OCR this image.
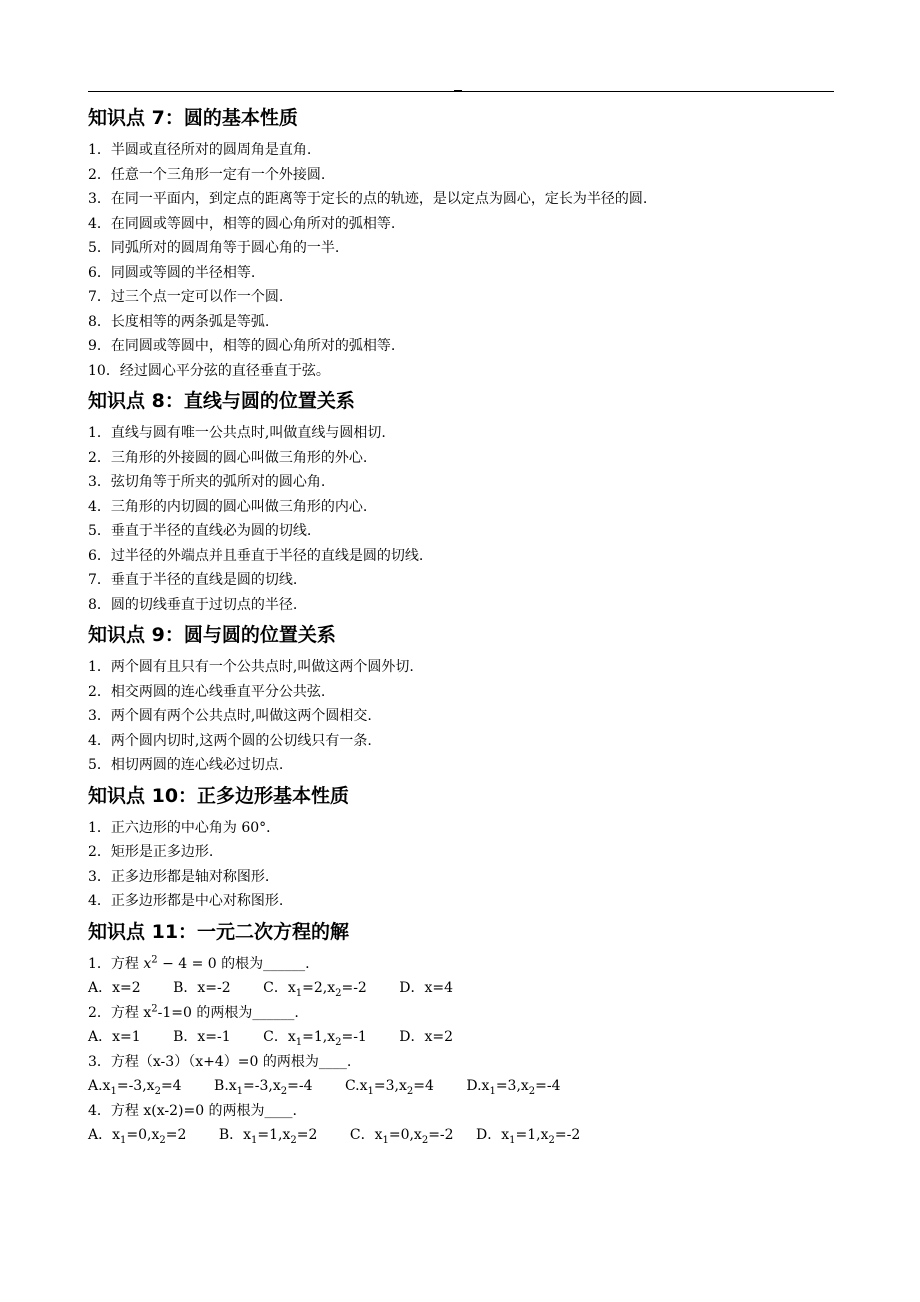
知识点 7：圆的基本性质
1．半圆或直径所对的圆周角是直角.
2．任意一个三角形一定有一个外接圆.
3．在同一平面内，到定点的距离等于定长的点的轨迹，是以定点为圆心，定长为半径的圆.
4．在同圆或等圆中，相等的圆心角所对的弧相等.
5．同弧所对的圆周角等于圆心角的一半.
6．同圆或等圆的半径相等.
7．过三个点一定可以作一个圆.
8．长度相等的两条弧是等弧.
9．在同圆或等圆中，相等的圆心角所对的弧相等.
10．经过圆心平分弦的直径垂直于弦。
知识点 8：直线与圆的位置关系
1．直线与圆有唯一公共点时,叫做直线与圆相切.
2．三角形的外接圆的圆心叫做三角形的外心.
3．弦切角等于所夹的弧所对的圆心角.
4．三角形的内切圆的圆心叫做三角形的内心.
5．垂直于半径的直线必为圆的切线.
6．过半径的外端点并且垂直于半径的直线是圆的切线.
7．垂直于半径的直线是圆的切线.
8．圆的切线垂直于过切点的半径.
知识点 9：圆与圆的位置关系
1．两个圆有且只有一个公共点时,叫做这两个圆外切.
2．相交两圆的连心线垂直平分公共弦.
3．两个圆有两个公共点时,叫做这两个圆相交.
4．两个圆内切时,这两个圆的公切线只有一条.
5．相切两圆的连心线必过切点.
知识点 10：正多边形基本性质
1．正六边形的中心角为 60°．
2．矩形是正多边形.
3．正多边形都是轴对称图形.
4．正多边形都是中心对称图形.
知识点 11：一元二次方程的解
1．方程 $x^2 - 4 = 0$ 的根为______.
A．x=2 B．x=-2 C．$x_1=2,x_2=-2$ D．x=4
2．方程 $x^2-1=0$ 的两根为______.
A．x=1 B．x=-1 C．$x_1=1,x_2=-1$ D．x=2
3．方程（x-3）（x+4）=0 的两根为____.
$A.x_1=-3,x_2=4$ $B.x_1=-3,x_2=-4$ $C.x_1=3,x_2=4$ $D.x_1=3,x_2=-4$
4．方程 x(x-2)=0 的两根为____.
A．$x_1=0,x_2=2$ B．$x_1=1,x_2=2$ C．$x_1=0,x_2=-2$ D．$x_1=1,x_2=-2$
